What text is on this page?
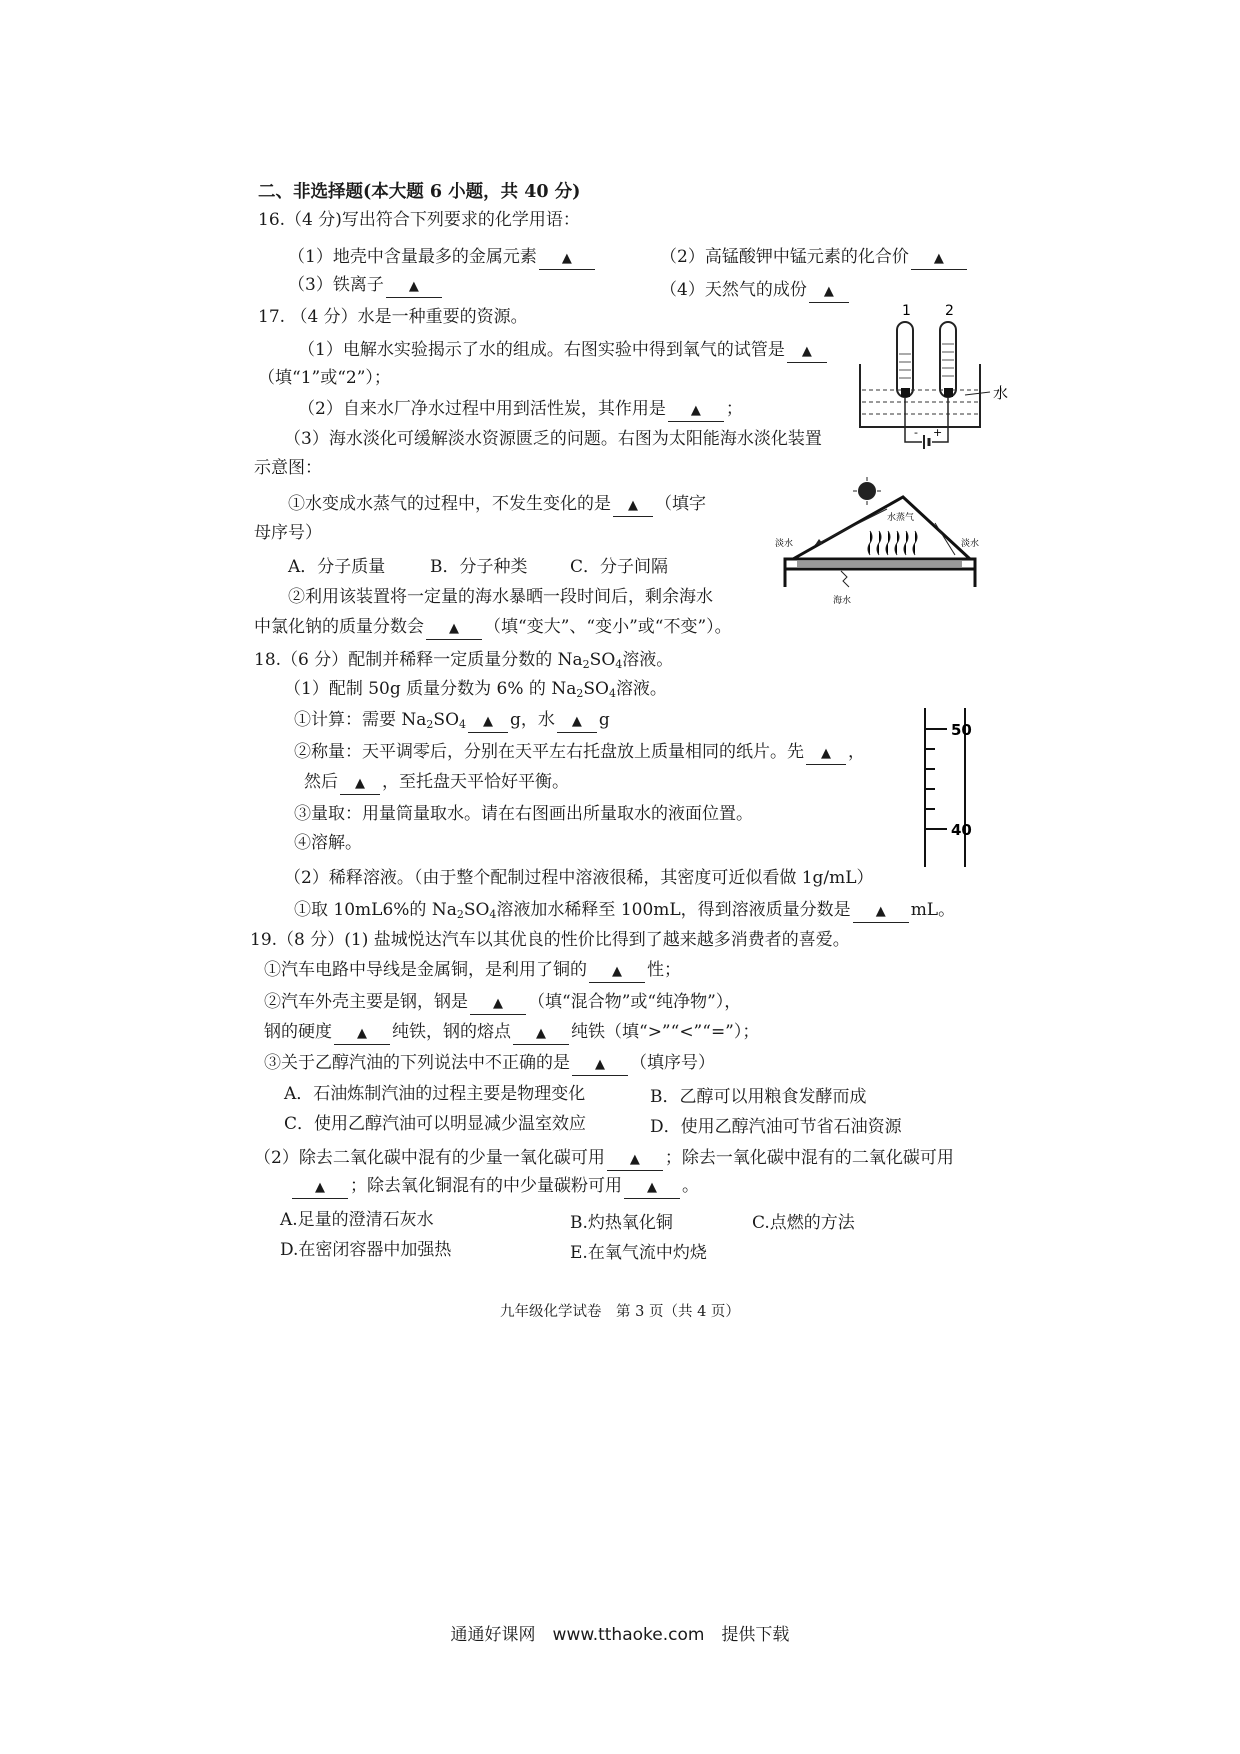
二、非选择题(本大题 6 小题，共 40 分)
16.（4 分)写出符合下列要求的化学用语：
（1）地壳中含量最多的金属元素 ▲	（2）高锰酸钾中锰元素的化合价 ▲
（3）铁离子 ▲	（4）天然气的成份 ▲
17. （4 分）水是一种重要的资源。
（1）电解水实验揭示了水的组成。右图实验中得到氧气的试管是 ▲
（填“1”或“2”）；
（2）自来水厂净水过程中用到活性炭，其作用是 ▲ ；
（3）海水淡化可缓解淡水资源匮乏的问题。右图为太阳能海水淡化装置
示意图：
①水变成水蒸气的过程中，不发生变化的是 ▲ （填字
母序号）
A．分子质量	B．分子种类	C．分子间隔
②利用该装置将一定量的海水暴晒一段时间后，剩余海水
中氯化钠的质量分数会 ▲ （填“变大”、“变小”或“不变”）。
1 2
- +
水
水蒸气
淡水	淡水
海水
18.（6 分）配制并稀释一定质量分数的 $Na_2SO_4$溶液。
（1）配制 50g 质量分数为 6% 的 $Na_2SO_4$溶液。
①计算：需要 $Na_2SO_4$ ▲ g，水 ▲ g
②称量：天平调零后，分别在天平左右托盘放上质量相同的纸片。先 ▲ ，
然后 ▲ ，至托盘天平恰好平衡。
③量取：用量筒量取水。请在右图画出所量取水的液面位置。
④溶解。
（2）稀释溶液。（由于整个配制过程中溶液很稀，其密度可近似看做 1g/mL）
①取 10mL6%的 $Na_2SO_4$溶液加水稀释至 100mL，得到溶液质量分数是 ▲ mL。
50
40
19.（8 分）(1) 盐城悦达汽车以其优良的性价比得到了越来越多消费者的喜爱。
①汽车电路中导线是金属铜，是利用了铜的 ▲ 性；
②汽车外壳主要是钢，钢是 ▲ （填“混合物”或“纯净物”），
钢的硬度 ▲ 纯铁，钢的熔点 ▲ 纯铁（填“>”“<”“=”）；
③关于乙醇汽油的下列说法中不正确的是 ▲ （填序号）
A．石油炼制汽油的过程主要是物理变化	B．乙醇可以用粮食发酵而成
C．使用乙醇汽油可以明显减少温室效应	D．使用乙醇汽油可节省石油资源
（2）除去二氧化碳中混有的少量一氧化碳可用 ▲ ；除去一氧化碳中混有的二氧化碳可用
▲ ；除去氧化铜混有的中少量碳粉可用 ▲ 。
A.足量的澄清石灰水	B.灼热氧化铜	C.点燃的方法
D.在密闭容器中加强热	E.在氧气流中灼烧
九年级化学试卷　第 3 页（共 4 页）
通通好课网　www.tthaoke.com　提供下载
